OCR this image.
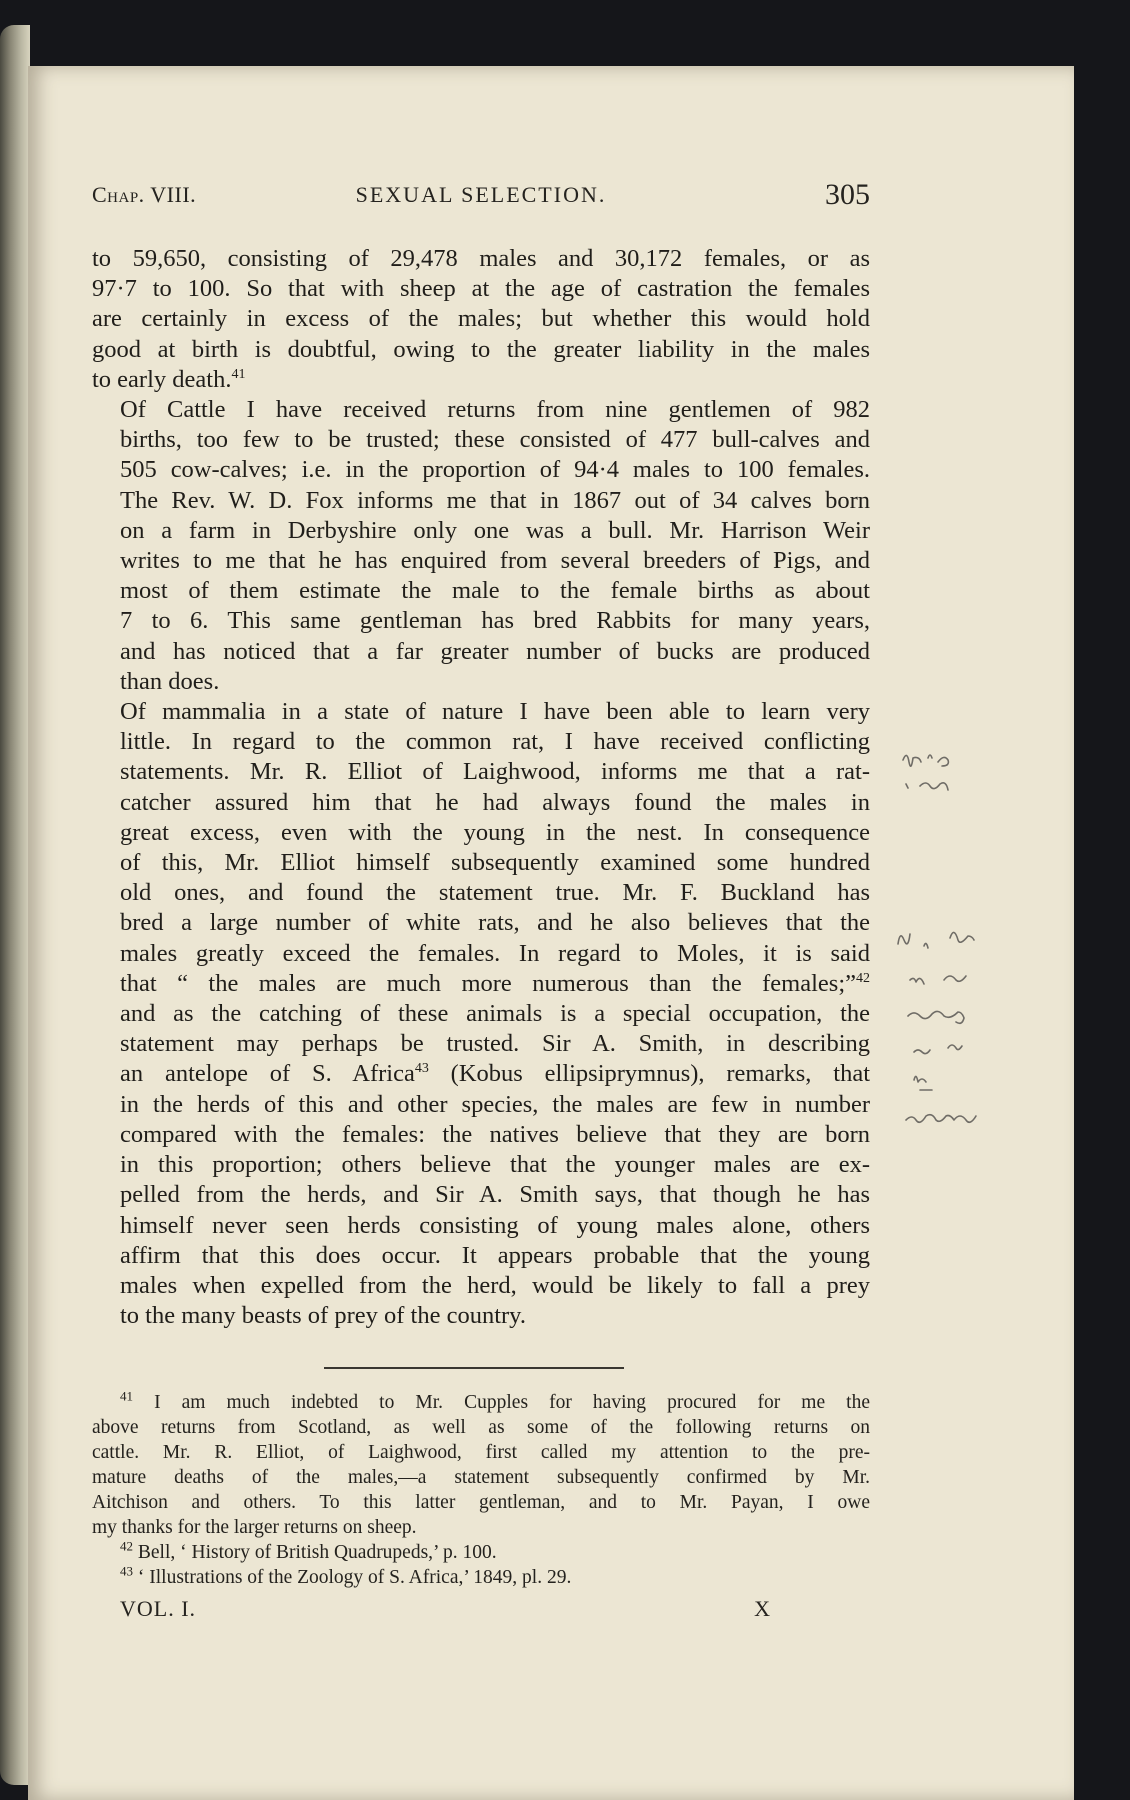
Chap. VIII.	SEXUAL SELECTION.	305

to 59,650, consisting of 29,478 males and 30,172 females, or as
97·7 to 100. So that with sheep at the age of castration the females
are certainly in excess of the males; but whether this would hold
good at birth is doubtful, owing to the greater liability in the males
to early death.$^{41}$

Of Cattle I have received returns from nine gentlemen of 982
births, too few to be trusted; these consisted of 477 bull-calves and
505 cow-calves; i.e. in the proportion of 94·4 males to 100 females.
The Rev. W. D. Fox informs me that in 1867 out of 34 calves born
on a farm in Derbyshire only one was a bull. Mr. Harrison Weir
writes to me that he has enquired from several breeders of Pigs, and
most of them estimate the male to the female births as about
7 to 6. This same gentleman has bred Rabbits for many years,
and has noticed that a far greater number of bucks are produced
than does.

Of mammalia in a state of nature I have been able to learn very
little. In regard to the common rat, I have received conflicting
statements. Mr. R. Elliot of Laighwood, informs me that a rat-
catcher assured him that he had always found the males in
great excess, even with the young in the nest. In consequence
of this, Mr. Elliot himself subsequently examined some hundred
old ones, and found the statement true. Mr. F. Buckland has
bred a large number of white rats, and he also believes that the
males greatly exceed the females. In regard to Moles, it is said
that “ the males are much more numerous than the females;”$^{42}$
and as the catching of these animals is a special occupation, the
statement may perhaps be trusted. Sir A. Smith, in describing
an antelope of S. Africa$^{43}$ (Kobus ellipsiprymnus), remarks, that
in the herds of this and other species, the males are few in number
compared with the females: the natives believe that they are born
in this proportion; others believe that the younger males are ex-
pelled from the herds, and Sir A. Smith says, that though he has
himself never seen herds consisting of young males alone, others
affirm that this does occur. It appears probable that the young
males when expelled from the herd, would be likely to fall a prey
to the many beasts of prey of the country.

$^{41}$ I am much indebted to Mr. Cupples for having procured for me the
above returns from Scotland, as well as some of the following returns on
cattle. Mr. R. Elliot, of Laighwood, first called my attention to the pre-
mature deaths of the males,—a statement subsequently confirmed by Mr.
Aitchison and others. To this latter gentleman, and to Mr. Payan, I owe
my thanks for the larger returns on sheep.
$^{42}$ Bell, ‘ History of British Quadrupeds,’ p. 100.
$^{43}$ ‘ Illustrations of the Zoology of S. Africa,’ 1849, pl. 29.
VOL. I.	X
